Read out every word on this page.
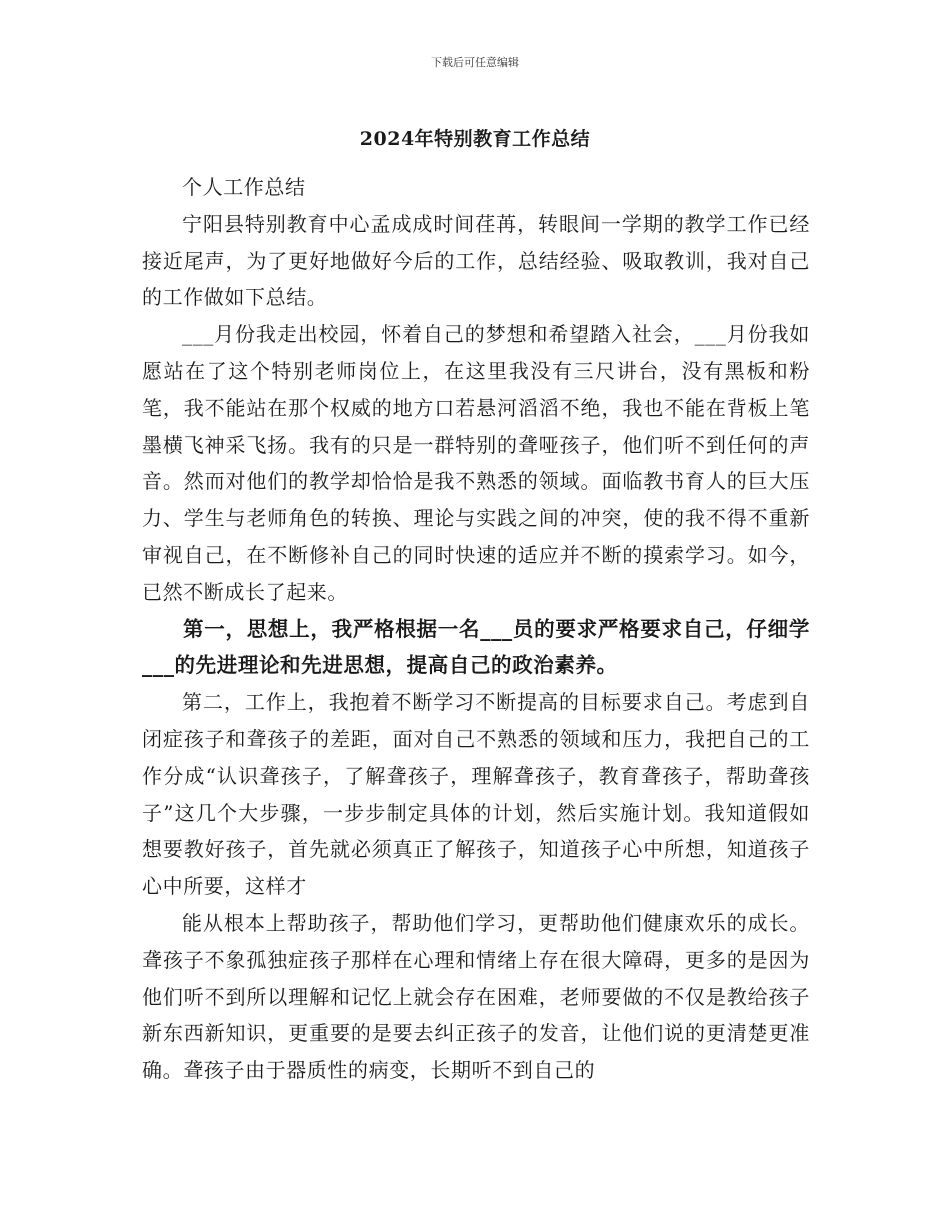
下载后可任意编辑
2024年特别教育工作总结

个人工作总结

宁阳县特别教育中心孟成成时间荏苒，转眼间一学期的教学工作已经接近尾声，为了更好地做好今后的工作，总结经验、吸取教训，我对自己的工作做如下总结。

___月份我走出校园，怀着自己的梦想和希望踏入社会，___月份我如愿站在了这个特别老师岗位上，在这里我没有三尺讲台，没有黑板和粉笔，我不能站在那个权威的地方口若悬河滔滔不绝，我也不能在背板上笔墨横飞神采飞扬。我有的只是一群特别的聋哑孩子，他们听不到任何的声音。然而对他们的教学却恰恰是我不熟悉的领域。面临教书育人的巨大压力、学生与老师角色的转换、理论与实践之间的冲突，使的我不得不重新审视自己，在不断修补自己的同时快速的适应并不断的摸索学习。如今，已然不断成长了起来。

第一，思想上，我严格根据一名___员的要求严格要求自己，仔细学___的先进理论和先进思想，提高自己的政治素养。

第二，工作上，我抱着不断学习不断提高的目标要求自己。考虑到自闭症孩子和聋孩子的差距，面对自己不熟悉的领域和压力，我把自己的工作分成“认识聋孩子，了解聋孩子，理解聋孩子，教育聋孩子，帮助聋孩子”这几个大步骤，一步步制定具体的计划，然后实施计划。我知道假如想要教好孩子，首先就必须真正了解孩子，知道孩子心中所想，知道孩子心中所要，这样才

能从根本上帮助孩子，帮助他们学习，更帮助他们健康欢乐的成长。聋孩子不象孤独症孩子那样在心理和情绪上存在很大障碍，更多的是因为他们听不到所以理解和记忆上就会存在困难，老师要做的不仅是教给孩子新东西新知识，更重要的是要去纠正孩子的发音，让他们说的更清楚更准确。聋孩子由于器质性的病变，长期听不到自己的
